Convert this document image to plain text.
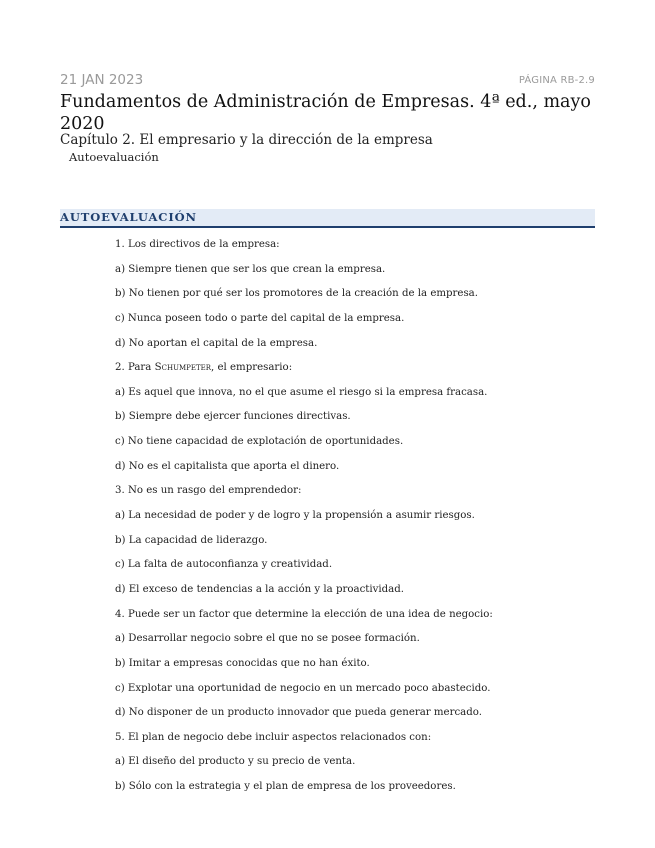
21 JAN 2023	PÁGINA RB-2.9
Fundamentos de Administración de Empresas. 4ª ed., mayo 2020
Capítulo 2. El empresario y la dirección de la empresa
Autoevaluación
AUTOEVALUACIÓN
1. Los directivos de la empresa:
a) Siempre tienen que ser los que crean la empresa.
b) No tienen por qué ser los promotores de la creación de la empresa.
c) Nunca poseen todo o parte del capital de la empresa.
d) No aportan el capital de la empresa.
2. Para Schumpeter, el empresario:
a) Es aquel que innova, no el que asume el riesgo si la empresa fracasa.
b) Siempre debe ejercer funciones directivas.
c) No tiene capacidad de explotación de oportunidades.
d) No es el capitalista que aporta el dinero.
3. No es un rasgo del emprendedor:
a) La necesidad de poder y de logro y la propensión a asumir riesgos.
b) La capacidad de liderazgo.
c) La falta de autoconfianza y creatividad.
d) El exceso de tendencias a la acción y la proactividad.
4. Puede ser un factor que determine la elección de una idea de negocio:
a) Desarrollar negocio sobre el que no se posee formación.
b) Imitar a empresas conocidas que no han éxito.
c) Explotar una oportunidad de negocio en un mercado poco abastecido.
d) No disponer de un producto innovador que pueda generar mercado.
5. El plan de negocio debe incluir aspectos relacionados con:
a) El diseño del producto y su precio de venta.
b) Sólo con la estrategia y el plan de empresa de los proveedores.
